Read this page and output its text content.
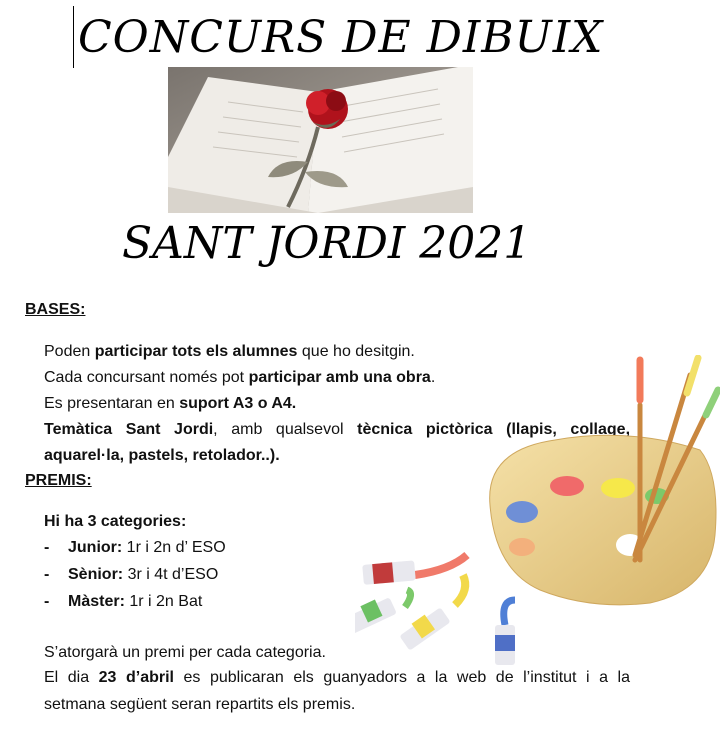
CONCURS DE DIBUIX
SANT JORDI 2021
BASES:
Poden participar tots els alumnes que ho desitgin.
Cada concursant només pot participar amb una obra.
Es presentaran en suport A3 o A4.
Temàtica Sant Jordi, amb qualsevol tècnica pictòrica (llapis, collage,
aquarel·la, pastels, retolador..).
PREMIS:
Hi ha 3 categories:
- Junior: 1r i 2n d’ ESO
- Sènior: 3r i 4t d’ESO
- Màster: 1r i 2n Bat
S’atorgarà un premi per cada categoria.
El dia 23 d’abril es publicaran els guanyadors a la web de l’institut i a la
setmana següent seran repartits els premis.
